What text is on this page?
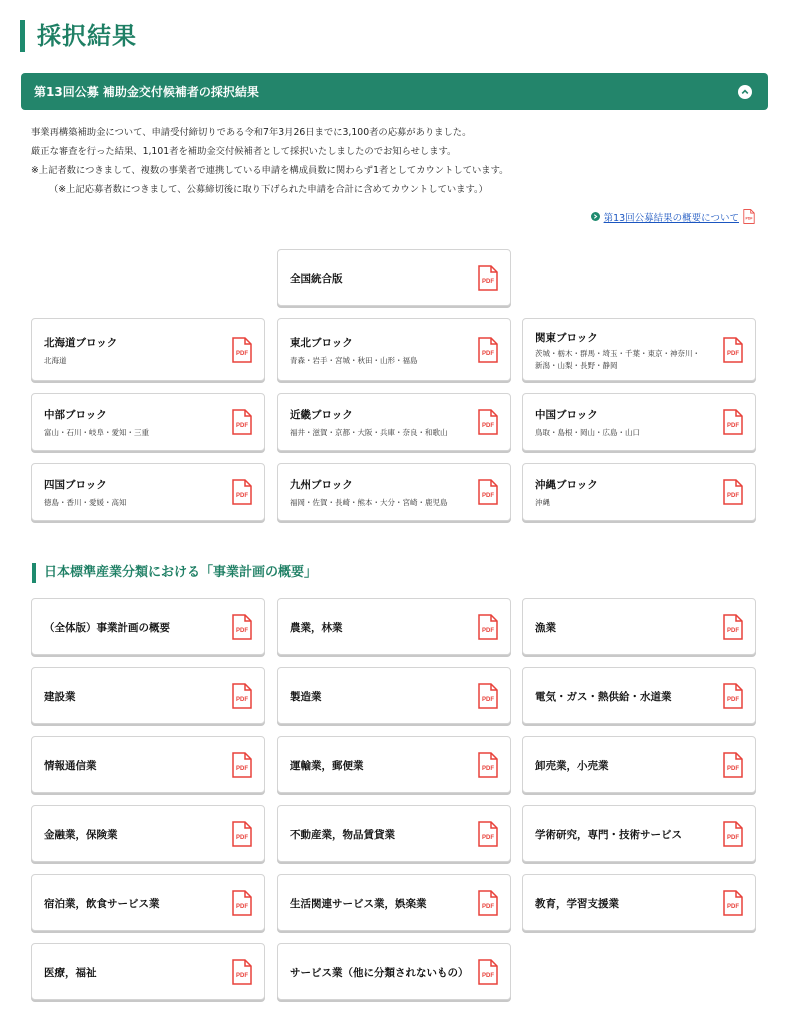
採択結果
第13回公募 補助金交付候補者の採択結果

事業再構築補助金について、申請受付締切りである令和7年3月26日までに3,100者の応募がありました。

厳正な審査を行った結果、1,101者を補助金交付候補者として採択いたしましたのでお知らせします。

※上記者数につきまして、複数の事業者で連携している申請を構成員数に関わらず1者としてカウントしています。

（※上記応募者数につきまして、公募締切後に取り下げられた申請を合計に含めてカウントしています。）

第13回公募結果の概要について PDF
全国統合版	PDF
北海道ブロック
北海道
PDF
東北ブロック
青森・岩手・宮城・秋田・山形・福島
PDF
関東ブロック
茨城・栃木・群馬・埼玉・千葉・東京・神奈川・
新潟・山梨・長野・静岡
PDF
中部ブロック
富山・石川・岐阜・愛知・三重
PDF
近畿ブロック
福井・滋賀・京都・大阪・兵庫・奈良・和歌山
PDF
中国ブロック
鳥取・島根・岡山・広島・山口
PDF
四国ブロック
徳島・香川・愛媛・高知
PDF
九州ブロック
福岡・佐賀・長崎・熊本・大分・宮崎・鹿児島
PDF
沖縄ブロック
沖縄
PDF
日本標準産業分類における「事業計画の概要」
（全体版）事業計画の概要	PDF	農業，林業	PDF	漁業	PDF
建設業	PDF	製造業	PDF	電気・ガス・熱供給・水道業	PDF
情報通信業	PDF	運輸業，郵便業	PDF	卸売業，小売業	PDF
金融業，保険業	PDF	不動産業，物品賃貸業	PDF	学術研究，専門・技術サービス	PDF
宿泊業，飲食サービス業	PDF	生活関連サービス業，娯楽業	PDF	教育，学習支援業	PDF
医療，福祉	PDF	サービス業（他に分類されないもの） PDF
